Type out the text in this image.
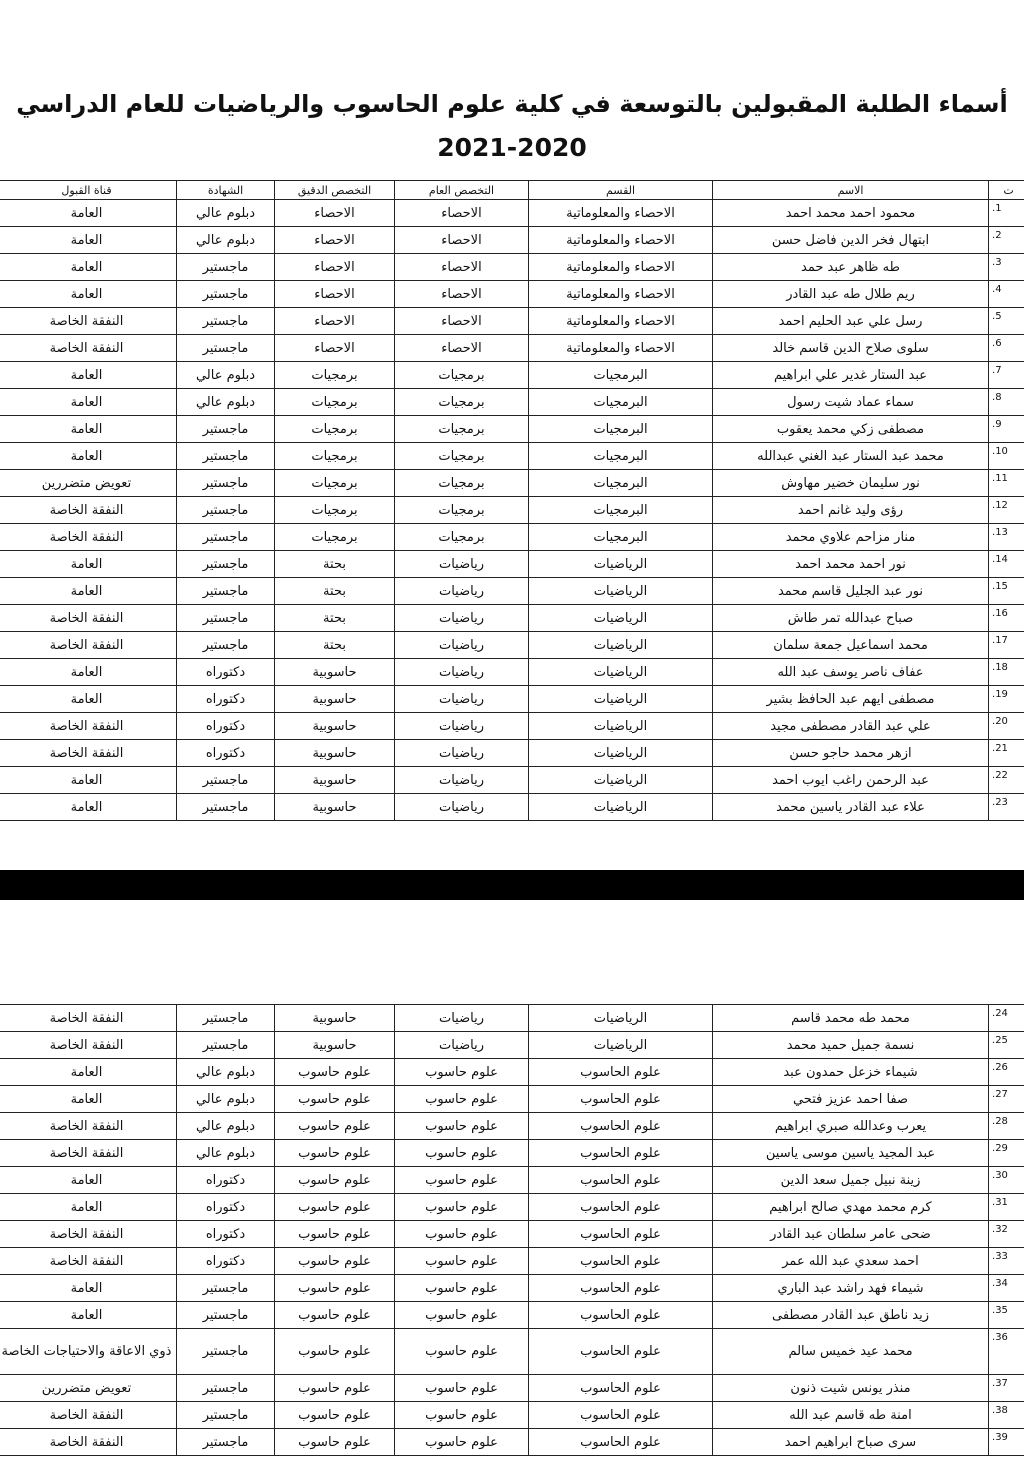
أسماء الطلبة المقبولين بالتوسعة في كلية علوم الحاسوب والرياضيات للعام الدراسي
2021-2020
ت	الاسم	القسم	التخصص العام	التخصص الدقيق	الشهادة	قناة القبول
1.	محمود احمد محمد احمد	الاحصاء والمعلوماتية	الاحصاء	الاحصاء	دبلوم عالي	العامة
2.	ابتهال فخر الدين فاضل حسن	الاحصاء والمعلوماتية	الاحصاء	الاحصاء	دبلوم عالي	العامة
3.	طه ظاهر عبد حمد	الاحصاء والمعلوماتية	الاحصاء	الاحصاء	ماجستير	العامة
4.	ريم طلال طه عبد القادر	الاحصاء والمعلوماتية	الاحصاء	الاحصاء	ماجستير	العامة
5.	رسل علي عبد الحليم احمد	الاحصاء والمعلوماتية	الاحصاء	الاحصاء	ماجستير	النفقة الخاصة
6.	سلوى صلاح الدين قاسم خالد	الاحصاء والمعلوماتية	الاحصاء	الاحصاء	ماجستير	النفقة الخاصة
7.	عبد الستار غدير علي ابراهيم	البرمجيات	برمجيات	برمجيات	دبلوم عالي	العامة
8.	سماء عماد شيت رسول	البرمجيات	برمجيات	برمجيات	دبلوم عالي	العامة
9.	مصطفى زكي محمد يعقوب	البرمجيات	برمجيات	برمجيات	ماجستير	العامة
10.	محمد عبد الستار عبد الغني عبدالله	البرمجيات	برمجيات	برمجيات	ماجستير	العامة
11.	نور سليمان خضير مهاوش	البرمجيات	برمجيات	برمجيات	ماجستير	تعويض متضررين
12.	رؤى وليد غانم احمد	البرمجيات	برمجيات	برمجيات	ماجستير	النفقة الخاصة
13.	منار مزاحم علاوي محمد	البرمجيات	برمجيات	برمجيات	ماجستير	النفقة الخاصة
14.	نور احمد محمد احمد	الرياضيات	رياضيات	بحتة	ماجستير	العامة
15.	نور عبد الجليل قاسم محمد	الرياضيات	رياضيات	بحتة	ماجستير	العامة
16.	صباح عبدالله تمر طاش	الرياضيات	رياضيات	بحتة	ماجستير	النفقة الخاصة
17.	محمد اسماعيل جمعة سلمان	الرياضيات	رياضيات	بحتة	ماجستير	النفقة الخاصة
18.	عفاف ناصر يوسف عبد الله	الرياضيات	رياضيات	حاسوبية	دكتوراه	العامة
19.	مصطفى ايهم عبد الحافظ بشير	الرياضيات	رياضيات	حاسوبية	دكتوراه	العامة
20.	علي عبد القادر مصطفى مجيد	الرياضيات	رياضيات	حاسوبية	دكتوراه	النفقة الخاصة
21.	ازهر محمد حاجو حسن	الرياضيات	رياضيات	حاسوبية	دكتوراه	النفقة الخاصة
22.	عبد الرحمن راغب ايوب احمد	الرياضيات	رياضيات	حاسوبية	ماجستير	العامة
23.	علاء عبد القادر ياسين محمد	الرياضيات	رياضيات	حاسوبية	ماجستير	العامة
24.	محمد طه محمد قاسم	الرياضيات	رياضيات	حاسوبية	ماجستير	النفقة الخاصة
25.	نسمة جميل حميد محمد	الرياضيات	رياضيات	حاسوبية	ماجستير	النفقة الخاصة
26.	شيماء خزعل حمدون عبد	علوم الحاسوب	علوم حاسوب	علوم حاسوب	دبلوم عالي	العامة
27.	صفا احمد عزيز فتحي	علوم الحاسوب	علوم حاسوب	علوم حاسوب	دبلوم عالي	العامة
28.	يعرب وعدالله صبري ابراهيم	علوم الحاسوب	علوم حاسوب	علوم حاسوب	دبلوم عالي	النفقة الخاصة
29.	عبد المجيد ياسين موسى ياسين	علوم الحاسوب	علوم حاسوب	علوم حاسوب	دبلوم عالي	النفقة الخاصة
30.	زينة نبيل جميل سعد الدين	علوم الحاسوب	علوم حاسوب	علوم حاسوب	دكتوراه	العامة
31.	كرم محمد مهدي صالح ابراهيم	علوم الحاسوب	علوم حاسوب	علوم حاسوب	دكتوراه	العامة
32.	ضحى عامر سلطان عبد القادر	علوم الحاسوب	علوم حاسوب	علوم حاسوب	دكتوراه	النفقة الخاصة
33.	احمد سعدي عبد الله عمر	علوم الحاسوب	علوم حاسوب	علوم حاسوب	دكتوراه	النفقة الخاصة
34.	شيماء فهد راشد عبد الباري	علوم الحاسوب	علوم حاسوب	علوم حاسوب	ماجستير	العامة
35.	زيد ناطق عبد القادر مصطفى	علوم الحاسوب	علوم حاسوب	علوم حاسوب	ماجستير	العامة
36.	محمد عيد خميس سالم	علوم الحاسوب	علوم حاسوب	علوم حاسوب	ماجستير	ذوي الاعاقة والاحتياجات الخاصة
37.	منذر يونس شيت ذنون	علوم الحاسوب	علوم حاسوب	علوم حاسوب	ماجستير	تعويض متضررين
38.	امنة طه قاسم عبد الله	علوم الحاسوب	علوم حاسوب	علوم حاسوب	ماجستير	النفقة الخاصة
39.	سرى صباح ابراهيم احمد	علوم الحاسوب	علوم حاسوب	علوم حاسوب	ماجستير	النفقة الخاصة
